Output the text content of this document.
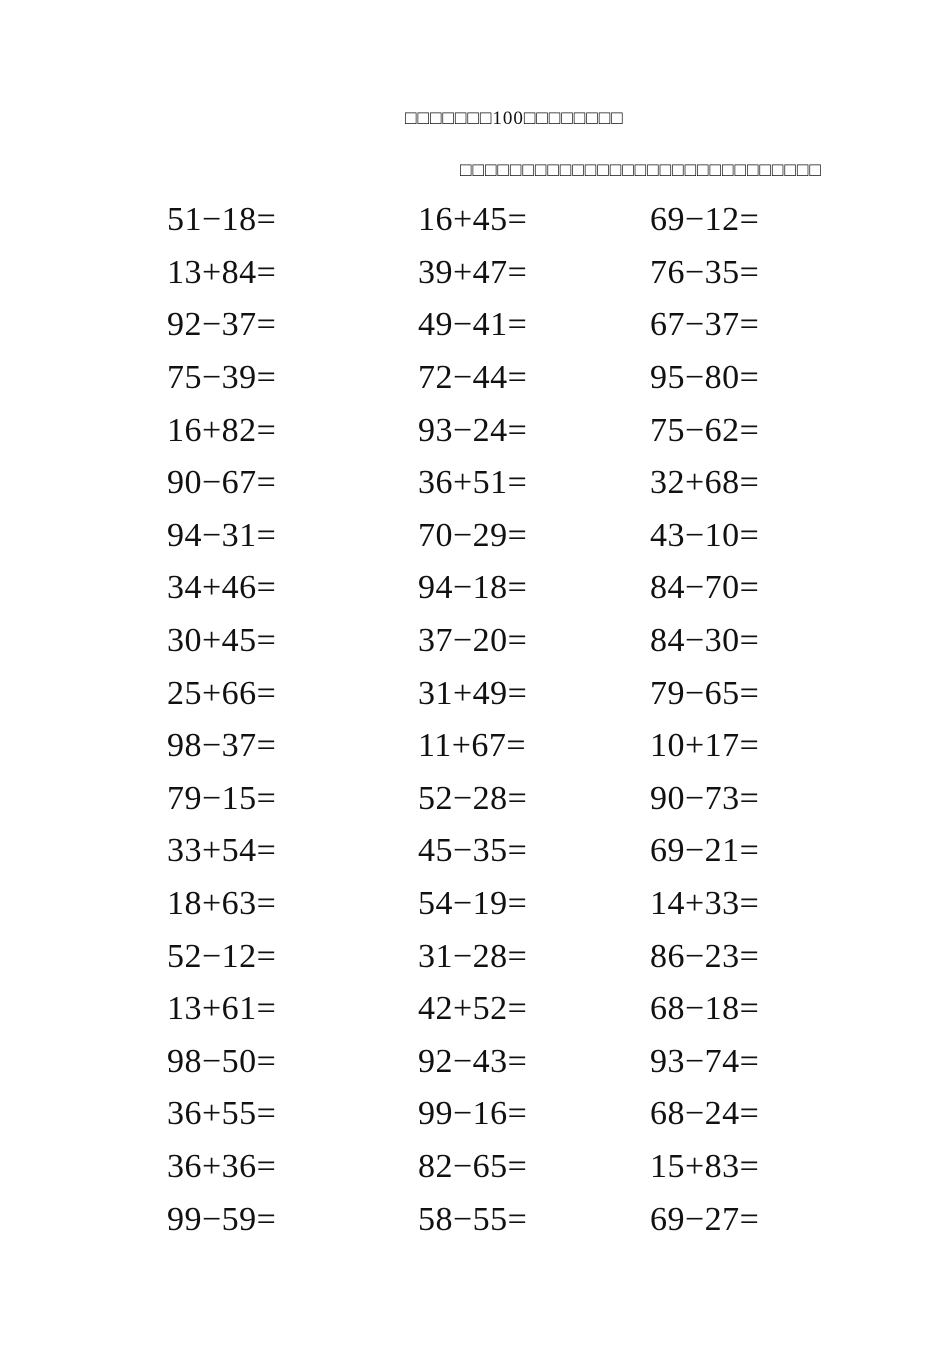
□□□□□□□100□□□□□□□□
□□□□□□□□□□□□□□□□□□□□□□□□□□□□□
51−18=	16+45=	69−12=
13+84=	39+47=	76−35=
92−37=	49−41=	67−37=
75−39=	72−44=	95−80=
16+82=	93−24=	75−62=
90−67=	36+51=	32+68=
94−31=	70−29=	43−10=
34+46=	94−18=	84−70=
30+45=	37−20=	84−30=
25+66=	31+49=	79−65=
98−37=	11+67=	10+17=
79−15=	52−28=	90−73=
33+54=	45−35=	69−21=
18+63=	54−19=	14+33=
52−12=	31−28=	86−23=
13+61=	42+52=	68−18=
98−50=	92−43=	93−74=
36+55=	99−16=	68−24=
36+36=	82−65=	15+83=
99−59=	58−55=	69−27=
